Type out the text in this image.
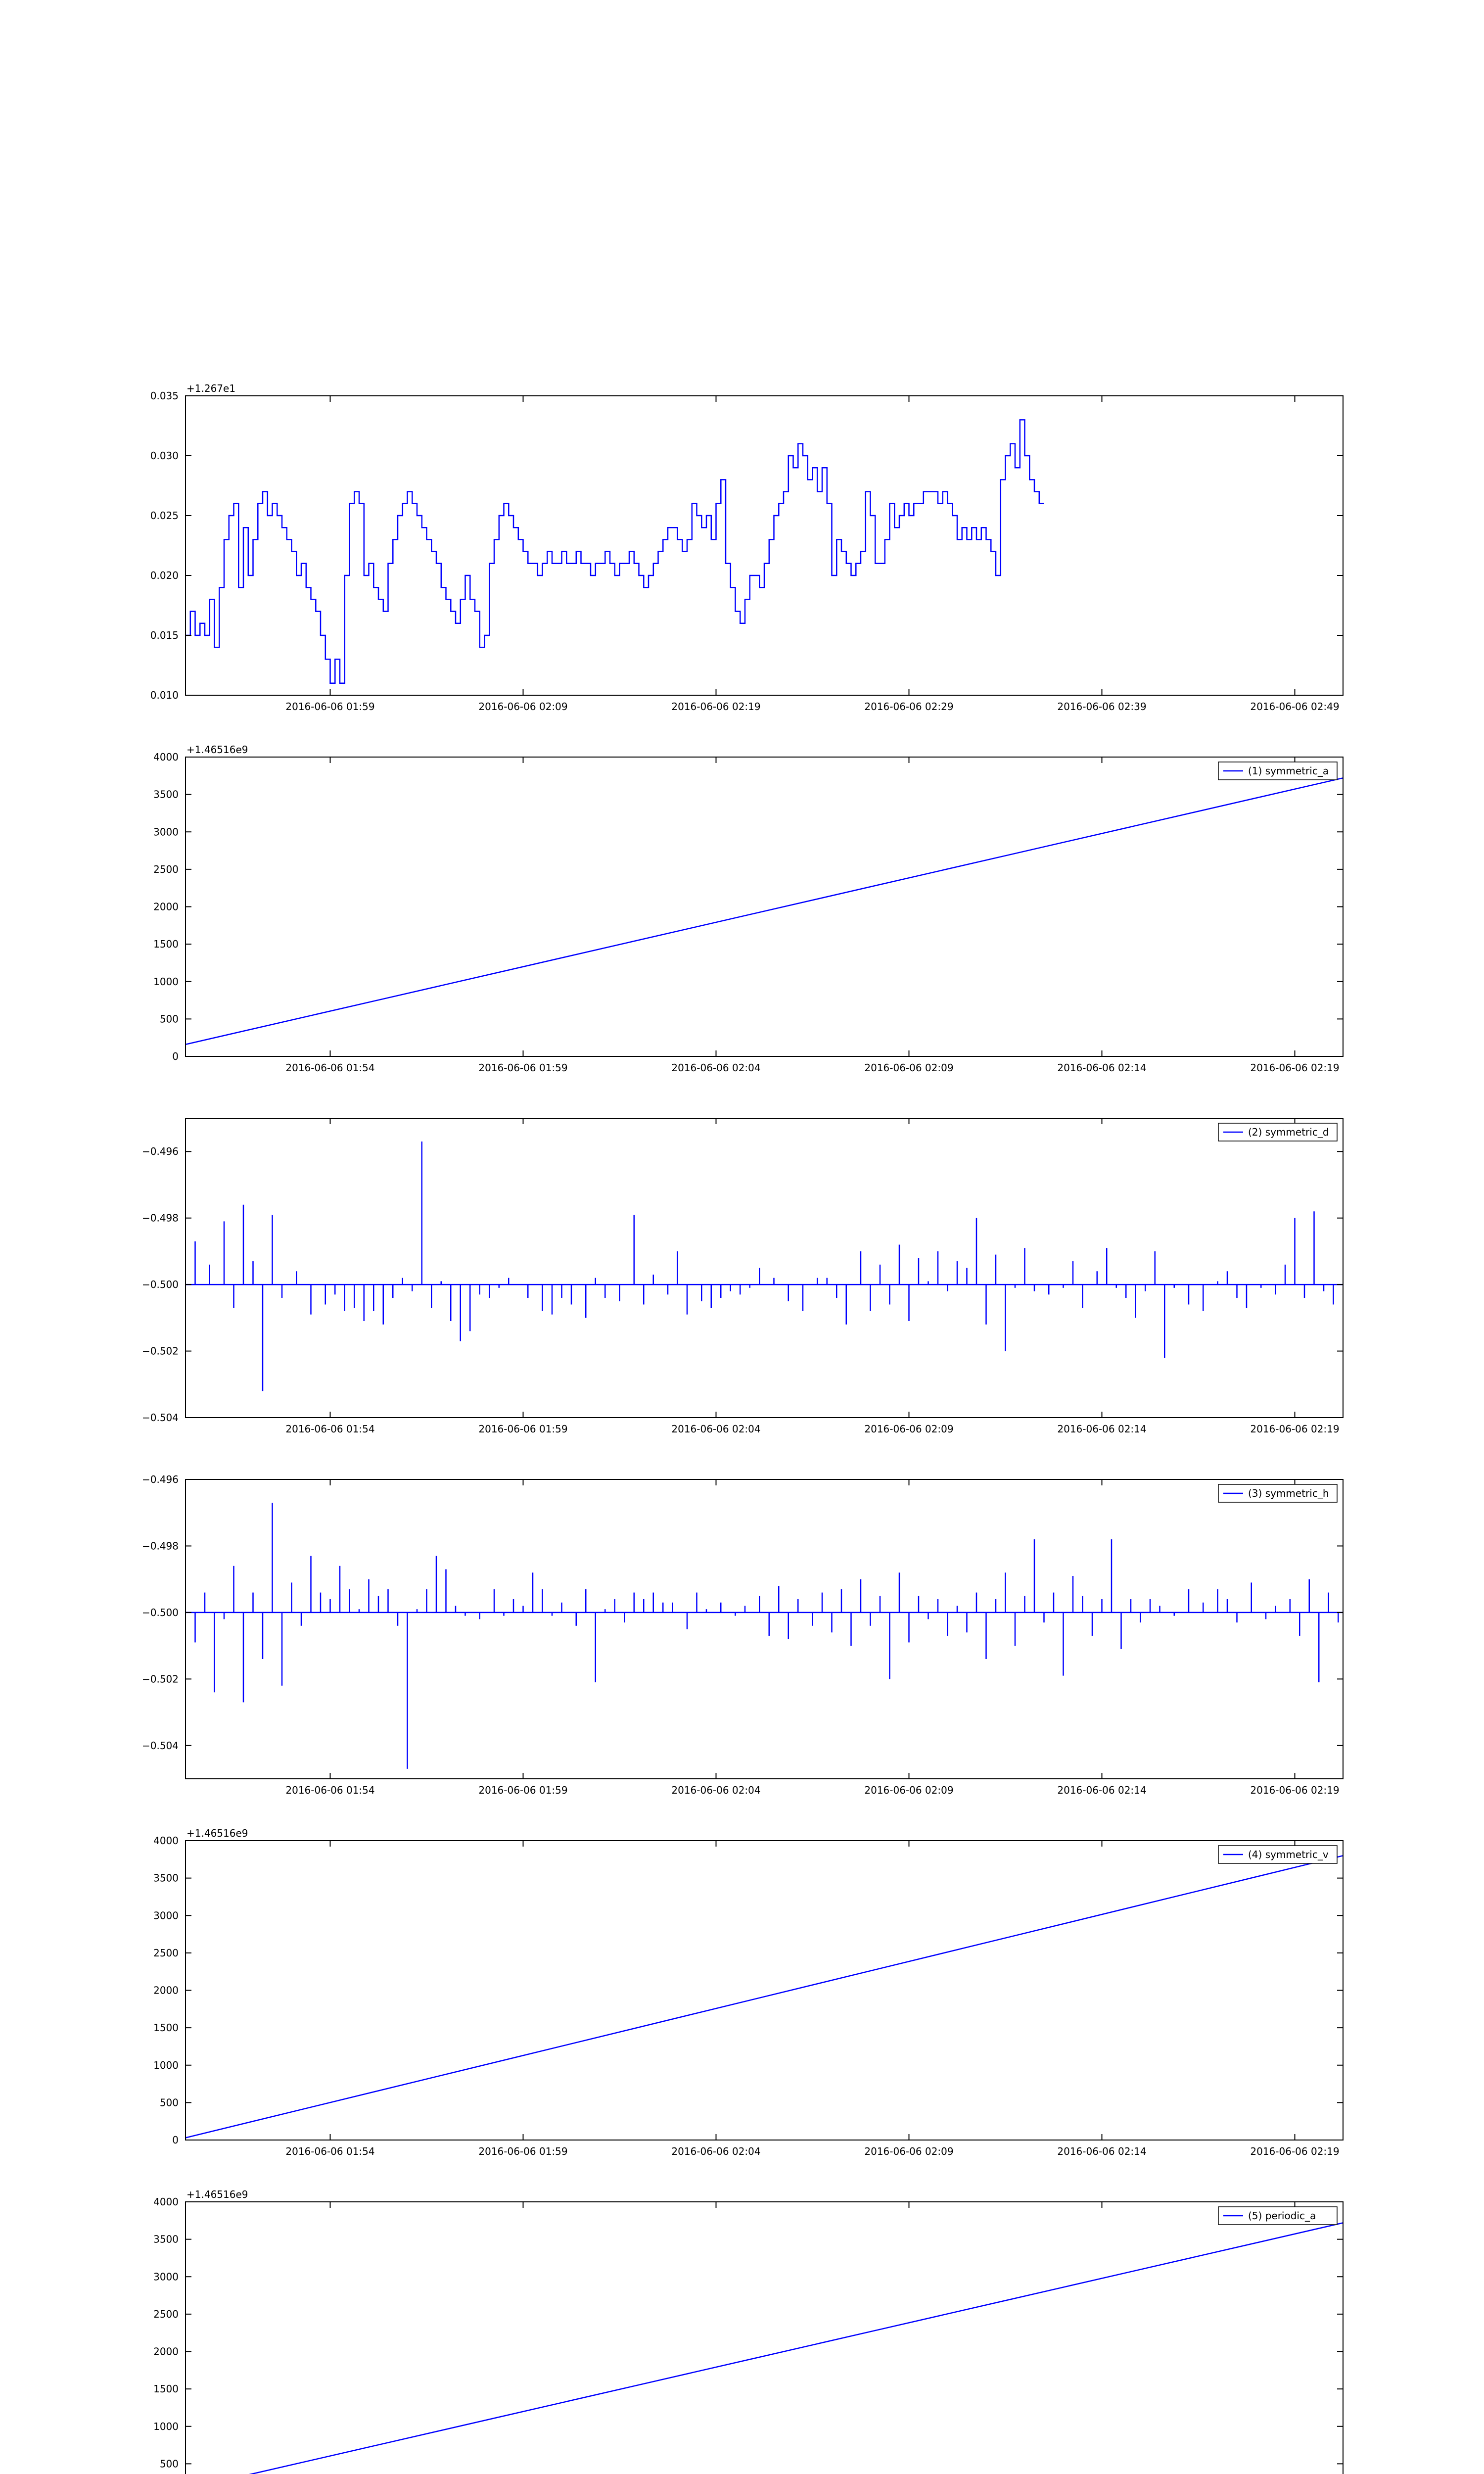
0.010
0.015
0.020
0.025
0.030
0.035
2016-06-06 01:59	2016-06-06 02:09	2016-06-06 02:19	2016-06-06 02:29	2016-06-06 02:39	2016-06-06 02:49
+1.267e1
0
500
1000
1500
2000
2500
3000
3500
4000
2016-06-06 01:54	2016-06-06 01:59	2016-06-06 02:04	2016-06-06 02:09	2016-06-06 02:14	2016-06-06 02:19
+1.46516e9
(1) symmetric_a
−0.504
−0.502
−0.500
−0.498
−0.496
2016-06-06 01:54	2016-06-06 01:59	2016-06-06 02:04	2016-06-06 02:09	2016-06-06 02:14	2016-06-06 02:19
(2) symmetric_d
−0.504
−0.502
−0.500
−0.498
−0.496
2016-06-06 01:54	2016-06-06 01:59	2016-06-06 02:04	2016-06-06 02:09	2016-06-06 02:14	2016-06-06 02:19
(3) symmetric_h
0
500
1000
1500
2000
2500
3000
3500
4000
2016-06-06 01:54	2016-06-06 01:59	2016-06-06 02:04	2016-06-06 02:09	2016-06-06 02:14	2016-06-06 02:19
+1.46516e9
(4) symmetric_v
500
1000
1500
2000
2500
3000
3500
4000
+1.46516e9
(5) periodic_a
